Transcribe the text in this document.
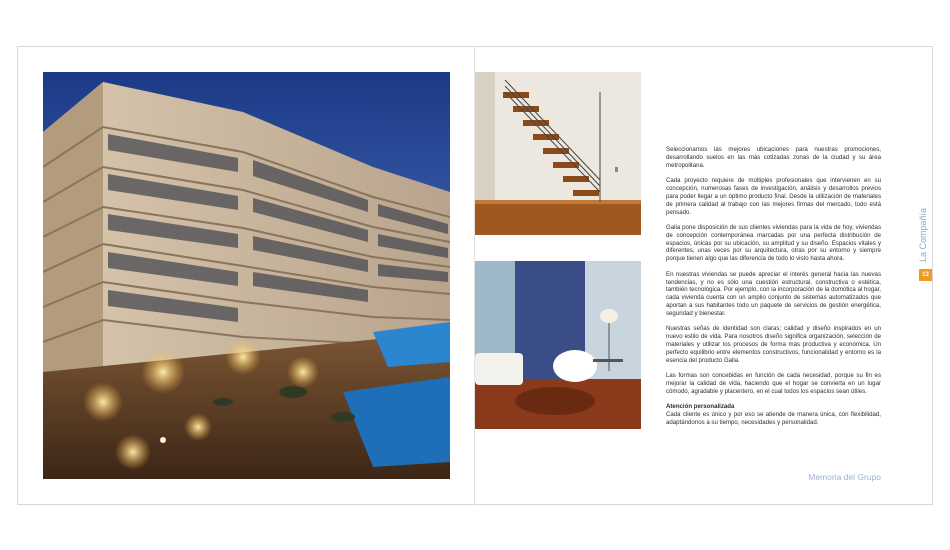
Seleccionamos las mejores ubicaciones para nuestras promociones, desarrollando suelos en las más cotizadas zonas de la ciudad y su área metropolitana.

Cada proyecto requiere de múltiples profesionales que intervienen en su concepción, numerosas fases de investigación, análisis y desarrollos previos para poder llegar a un óptimo producto final. Desde la utilización de materiales de primera calidad al trabajo con las mejores firmas del mercado, todo está pensado.

Galia pone disposición de sus clientes viviendas para la vida de hoy, viviendas de concepción contemporánea marcadas por una perfecta distribución de espacios, únicas por su ubicación, su amplitud y su diseño. Espacios vitales y diferentes, unas veces por su arquitectura, otras por su entorno y siempre porque tienen algo que las diferencia de todo lo visto hasta ahora.

En nuestras viviendas se puede apreciar el interés general hacia las nuevas tendencias, y no es sólo una cuestión estructural, constructiva o estética, también tecnológica. Por ejemplo, con la incorporación de la domótica al hogar, cada vivienda cuenta con un amplio conjunto de sistemas automatizados que aportan a sus habitantes todo un paquete de servicios de gestión energética, seguridad y bienestar.

Nuestras señas de identidad son claras; calidad y diseño inspirados en un nuevo estilo de vida. Para nosotros diseño significa organización, selección de materiales y utilizar los procesos de forma más productiva y económica. Un perfecto equilibrio entre elementos constructivos, funcionalidad y entorno es la esencia del producto Galia.

Las formas son concebidas en función de cada necesidad, porque su fin es mejorar la calidad de vida, haciendo que el hogar se convierta en un lugar cómodo, agradable y placentero, en el cual todos los espacios sean útiles.

Atención personalizada

Cada cliente es único y por eso se atiende de manera única, con flexibilidad, adaptándonos a su tiempo, necesidades y personalidad.

La Compañía
13
Memoria del Grupo
